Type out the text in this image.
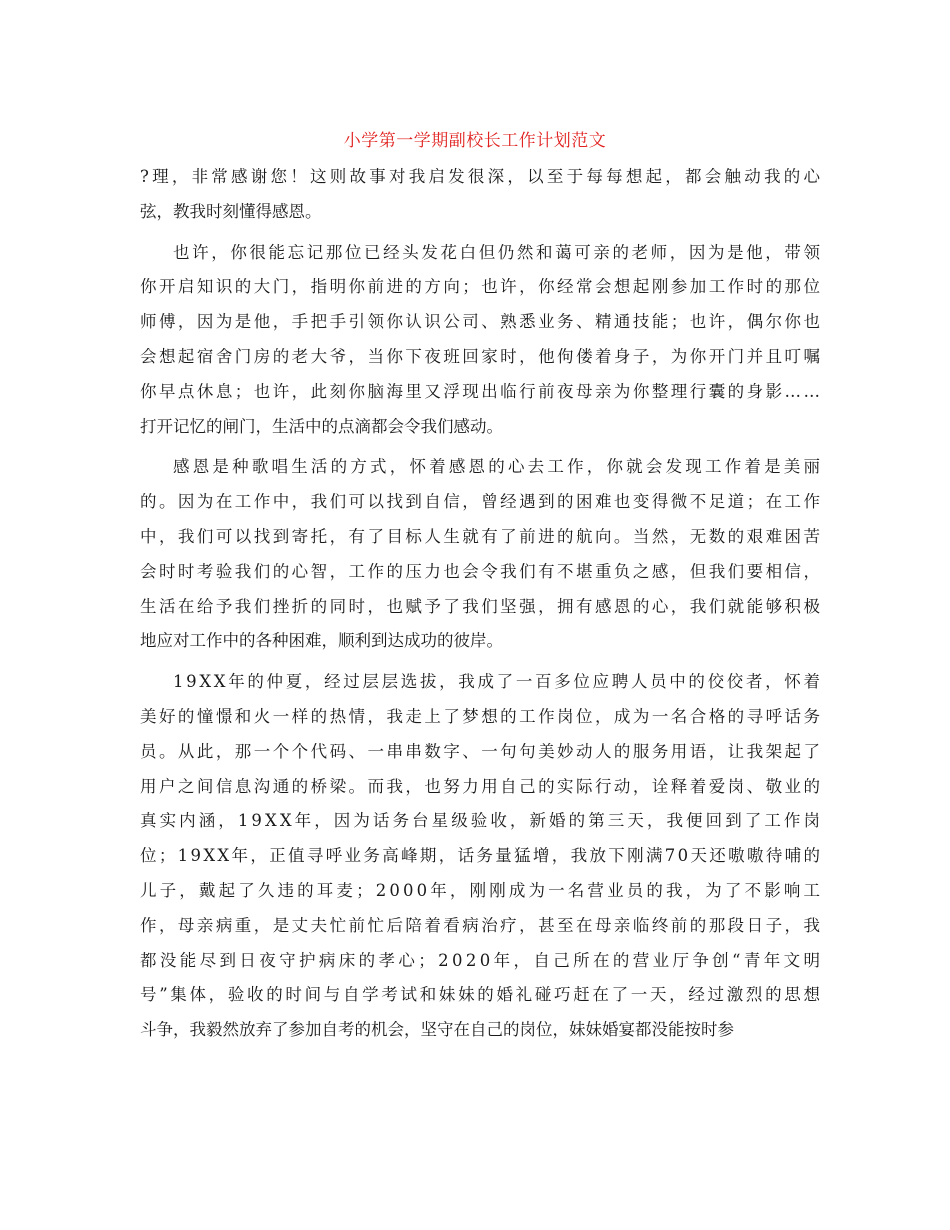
小学第一学期副校长工作计划范文
?理，非常感谢您！这则故事对我启发很深，以至于每每想起，都会触动我的心
弦，教我时刻懂得感恩。
也许，你很能忘记那位已经头发花白但仍然和蔼可亲的老师，因为是他，带领
你开启知识的大门，指明你前进的方向；也许，你经常会想起刚参加工作时的那位
师傅，因为是他，手把手引领你认识公司、熟悉业务、精通技能；也许，偶尔你也
会想起宿舍门房的老大爷，当你下夜班回家时，他佝偻着身子，为你开门并且叮嘱
你早点休息；也许，此刻你脑海里又浮现出临行前夜母亲为你整理行囊的身影……
打开记忆的闸门，生活中的点滴都会令我们感动。
感恩是种歌唱生活的方式，怀着感恩的心去工作，你就会发现工作着是美丽
的。因为在工作中，我们可以找到自信，曾经遇到的困难也变得微不足道；在工作
中，我们可以找到寄托，有了目标人生就有了前进的航向。当然，无数的艰难困苦
会时时考验我们的心智，工作的压力也会令我们有不堪重负之感，但我们要相信，
生活在给予我们挫折的同时，也赋予了我们坚强，拥有感恩的心，我们就能够积极
地应对工作中的各种困难，顺利到达成功的彼岸。
19XX年的仲夏，经过层层选拔，我成了一百多位应聘人员中的佼佼者，怀着
美好的憧憬和火一样的热情，我走上了梦想的工作岗位，成为一名合格的寻呼话务
员。从此，那一个个代码、一串串数字、一句句美妙动人的服务用语，让我架起了
用户之间信息沟通的桥梁。而我，也努力用自己的实际行动，诠释着爱岗、敬业的
真实内涵，19XX年，因为话务台星级验收，新婚的第三天，我便回到了工作岗
位；19XX年，正值寻呼业务高峰期，话务量猛增，我放下刚满70天还嗷嗷待哺的
儿子，戴起了久违的耳麦；2000年，刚刚成为一名营业员的我，为了不影响工
作，母亲病重，是丈夫忙前忙后陪着看病治疗，甚至在母亲临终前的那段日子，我
都没能尽到日夜守护病床的孝心；2020年，自己所在的营业厅争创“青年文明
号”集体，验收的时间与自学考试和妹妹的婚礼碰巧赶在了一天，经过激烈的思想
斗争，我毅然放弃了参加自考的机会，坚守在自己的岗位，妹妹婚宴都没能按时参
